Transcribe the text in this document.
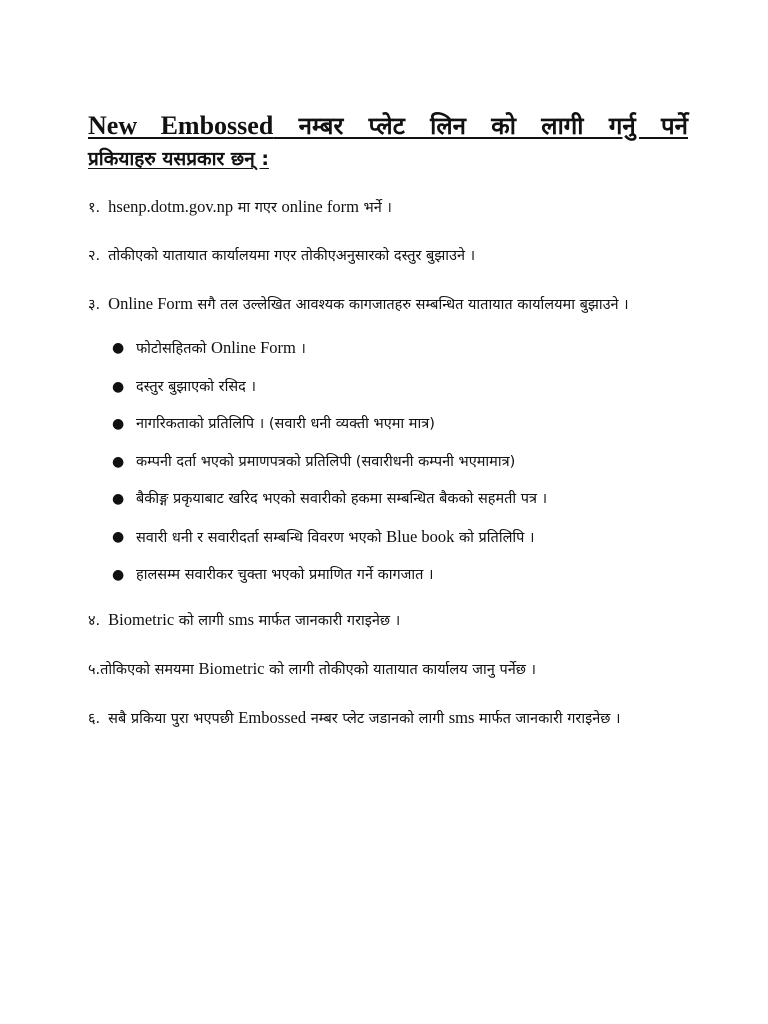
New Embossed नम्बर प्लेट लिन को लागी गर्नु पर्ने
प्रकियाहरु यसप्रकार छन् :
१. hsenp.dotm.gov.np मा गएर online form भर्ने ।
२. तोकीएको यातायात कार्यालयमा गएर तोकीएअनुसारको दस्तुर बुझाउने ।
३. Online Form सगै तल उल्लेखित आवश्यक कागजातहरु सम्बन्धित यातायात कार्यालयमा बुझाउने ।
● फोटोसहितको Online Form ।
● दस्तुर बुझाएको रसिद ।
● नागरिकताको प्रतिलिपि । (सवारी धनी व्यक्ती भएमा मात्र)
● कम्पनी दर्ता भएको प्रमाणपत्रको प्रतिलिपी (सवारीधनी कम्पनी भएमामात्र)
● बैकीङ्ग प्रकृयाबाट खरिद भएको सवारीको हकमा सम्बन्धित बैकको सहमती पत्र ।
● सवारी धनी र सवारीदर्ता सम्बन्धि विवरण भएको Blue book को प्रतिलिपि ।
● हालसम्म सवारीकर चुक्ता भएको प्रमाणित गर्ने कागजात ।
४. Biometric को लागी sms मार्फत जानकारी गराइनेछ ।
५.तोकिएको समयमा Biometric को लागी तोकीएको यातायात कार्यालय जानु पर्नेछ ।
६. सबै प्रकिया पुरा भएपछी Embossed नम्बर प्लेट जडानको लागी sms मार्फत जानकारी गराइनेछ ।
